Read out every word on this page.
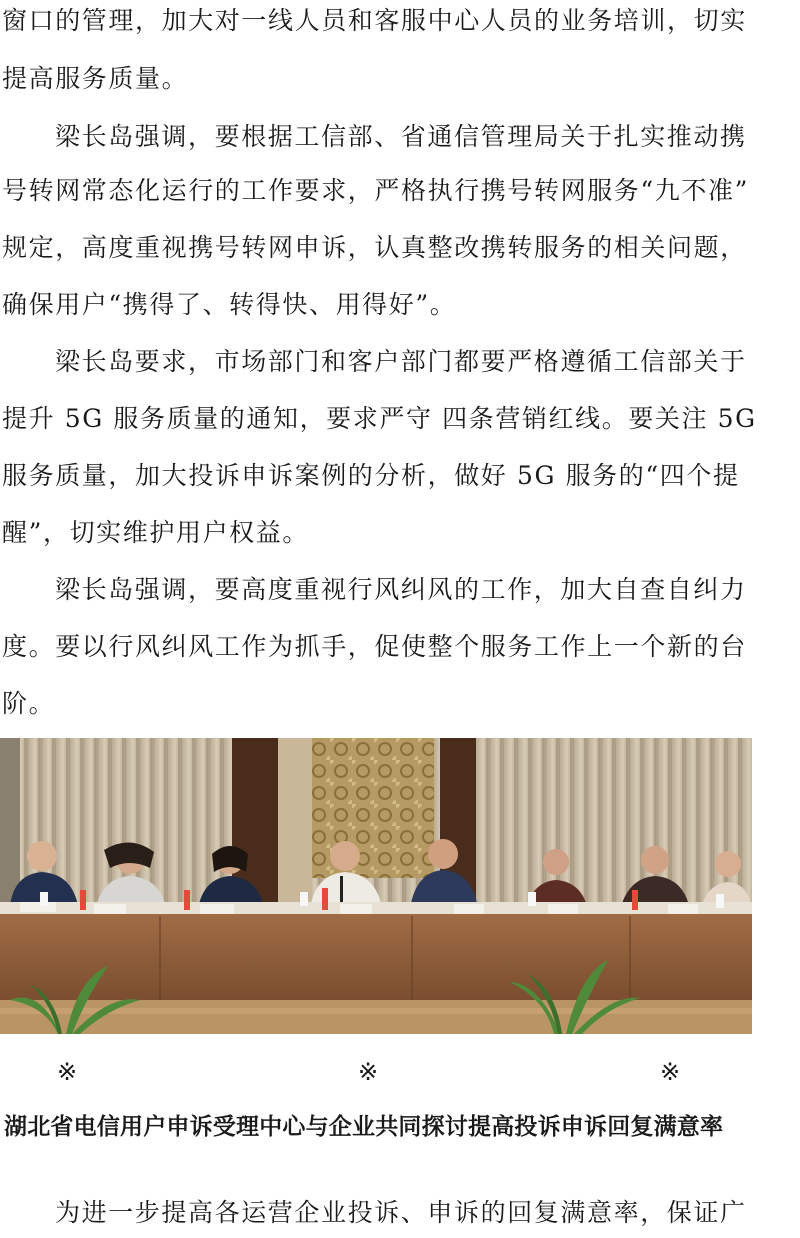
窗口的管理，加大对一线人员和客服中心人员的业务培训，切实
提高服务质量。
梁长岛强调，要根据工信部、省通信管理局关于扎实推动携
号转网常态化运行的工作要求，严格执行携号转网服务“九不准”
规定，高度重视携号转网申诉，认真整改携转服务的相关问题，
确保用户“携得了、转得快、用得好”。
梁长岛要求，市场部门和客户部门都要严格遵循工信部关于
提升 5G 服务质量的通知，要求严守 四条营销红线。要关注 5G
服务质量，加大投诉申诉案例的分析，做好 5G 服务的“四个提
醒”，切实维护用户权益。
梁长岛强调，要高度重视行风纠风的工作，加大自查自纠力
度。要以行风纠风工作为抓手，促使整个服务工作上一个新的台
阶。
※	※	※
湖北省电信用户申诉受理中心与企业共同探讨提高投诉申诉回复满意率
为进一步提高各运营企业投诉、申诉的回复满意率，保证广
